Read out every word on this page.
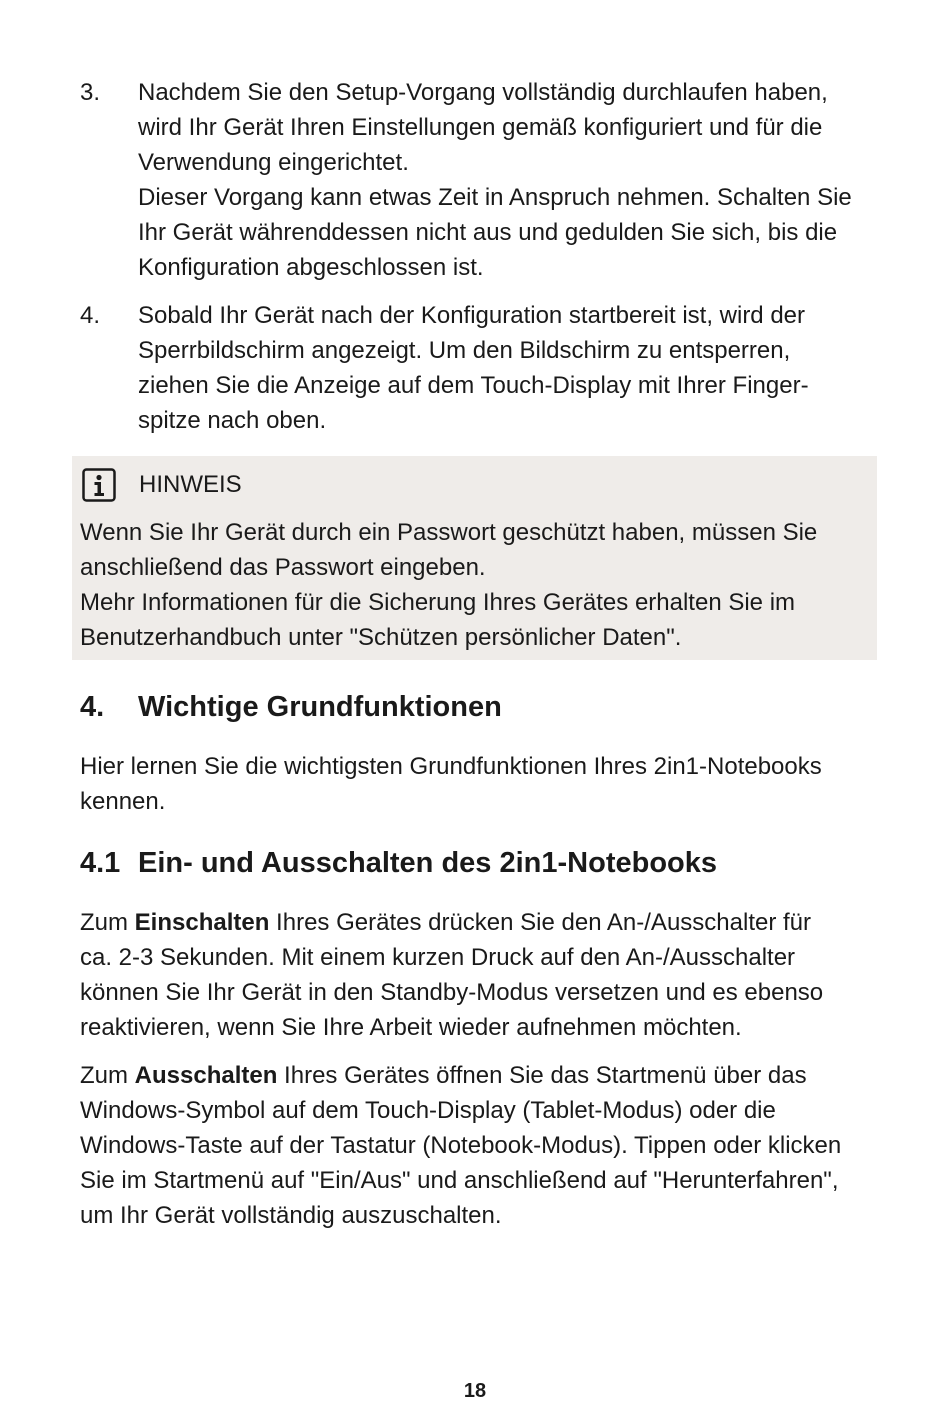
3. Nachdem Sie den Setup-Vorgang vollständig durchlaufen haben,

wird Ihr Gerät Ihren Einstellungen gemäß konfiguriert und für die

Verwendung eingerichtet.

Dieser Vorgang kann etwas Zeit in Anspruch nehmen. Schalten Sie

Ihr Gerät währenddessen nicht aus und gedulden Sie sich, bis die

Konfiguration abgeschlossen ist.

4. Sobald Ihr Gerät nach der Konfiguration startbereit ist, wird der

Sperrbildschirm angezeigt. Um den Bildschirm zu entsperren,

ziehen Sie die Anzeige auf dem Touch-Display mit Ihrer Finger-

spitze nach oben.

HINWEIS

Wenn Sie Ihr Gerät durch ein Passwort geschützt haben, müssen Sie

anschließend das Passwort eingeben.

Mehr Informationen für die Sicherung Ihres Gerätes erhalten Sie im

Benutzerhandbuch unter "Schützen persönlicher Daten".

4. Wichtige Grundfunktionen
Hier lernen Sie die wichtigsten Grundfunktionen Ihres 2in1-Notebooks
kennen.
4.1 Ein- und Ausschalten des 2in1-Notebooks
Zum Einschalten Ihres Gerätes drücken Sie den An-/Ausschalter für
ca. 2-3 Sekunden. Mit einem kurzen Druck auf den An-/Ausschalter
können Sie Ihr Gerät in den Standby-Modus versetzen und es ebenso
reaktivieren, wenn Sie Ihre Arbeit wieder aufnehmen möchten.
Zum Ausschalten Ihres Gerätes öffnen Sie das Startmenü über das
Windows-Symbol auf dem Touch-Display (Tablet-Modus) oder die
Windows-Taste auf der Tastatur (Notebook-Modus). Tippen oder klicken
Sie im Startmenü auf "Ein/Aus" und anschließend auf "Herunterfahren",
um Ihr Gerät vollständig auszuschalten.
18
